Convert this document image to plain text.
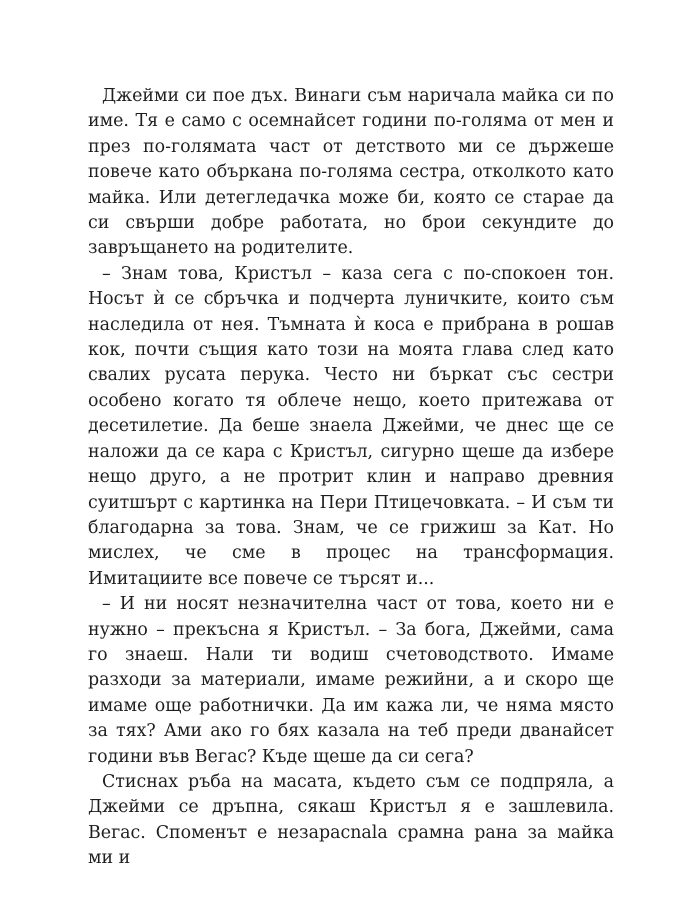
Джейми си пое дъх. Винаги съм наричала майка си по име. Тя е само с осемнайсет години по-голяма от мен и през по-голямата част от детството ми се държеше повече като объркана по-голяма сестра, отколкото като майка. Или детегледачка може би, която се старае да си свърши добре работата, но брои секундите до завръщането на родителите.

– Знам това, Кристъл – каза сега с по-спокоен тон. Носът ѝ се сбръчка и подчерта луничките, които съм наследила от нея. Тъмната ѝ коса е прибрана в рошав кок, почти същия като този на моята глава след като свалих русата перука. Често ни бъркат със сестри особено когато тя облече нещо, което притежава от десетилетие. Да беше знаела Джейми, че днес ще се наложи да се кара с Кристъл, сигурно щеше да избере нещо друго, а не протрит клин и направо древния суитшърт с картинка на Пери Птицечовката. – И съм ти благодарна за това. Знам, че се грижиш за Кат. Но мислех, че сме в процес на трансформация. Имитациите все повече се търсят и...

– И ни носят незначителна част от това, което ни е нужно – прекъсна я Кристъл. – За бога, Джейми, сама го знаеш. Нали ти водиш счетоводството. Имаме разходи за материали, имаме режийни, а и скоро ще имаме още работнички. Да им кажа ли, че няма място за тях? Ами ако го бях казала на теб преди дванайсет години във Вегас? Къде щеше да си сега?

Стиснах ръба на масата, където съм се подпряла, а Джейми се дръпна, сякаш Кристъл я е зашлевила. Вегас. Споменът е незарасnala срамна рана за майка ми и
